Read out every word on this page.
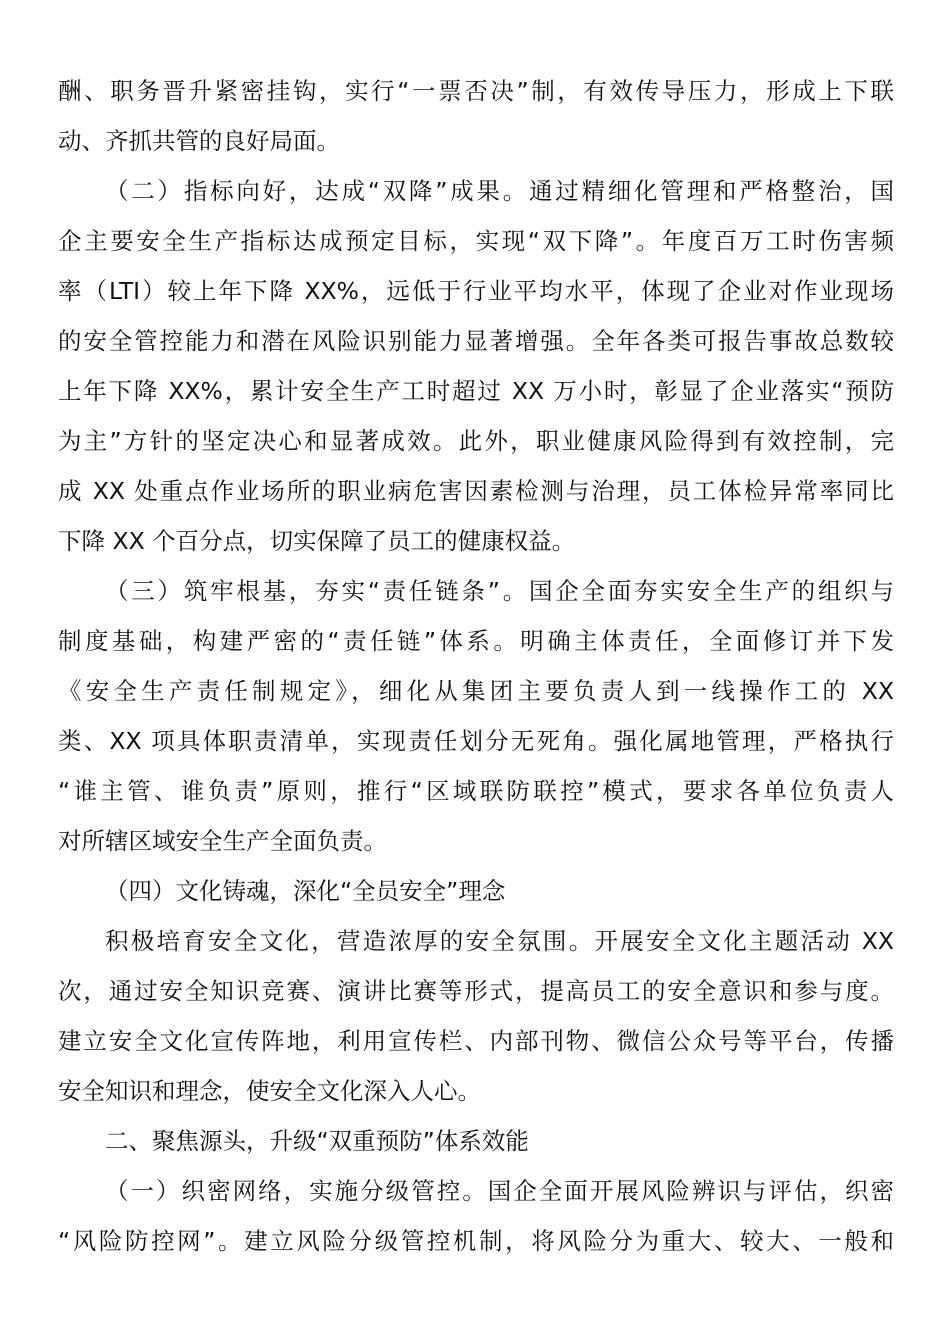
酬、职务晋升紧密挂钩，实行“一票否决”制，有效传导压力，形成上下联
动、齐抓共管的良好局面。
（二）指标向好，达成“双降”成果。通过精细化管理和严格整治，国
企主要安全生产指标达成预定目标，实现“双下降”。年度百万工时伤害频
率（LTI）较上年下降 XX%，远低于行业平均水平，体现了企业对作业现场
的安全管控能力和潜在风险识别能力显著增强。全年各类可报告事故总数较
上年下降 XX%，累计安全生产工时超过 XX 万小时，彰显了企业落实“预防
为主”方针的坚定决心和显著成效。此外，职业健康风险得到有效控制，完
成 XX 处重点作业场所的职业病危害因素检测与治理，员工体检异常率同比
下降 XX 个百分点，切实保障了员工的健康权益。
（三）筑牢根基，夯实“责任链条”。国企全面夯实安全生产的组织与
制度基础，构建严密的“责任链”体系。明确主体责任，全面修订并下发
《安全生产责任制规定》，细化从集团主要负责人到一线操作工的 XX
类、XX 项具体职责清单，实现责任划分无死角。强化属地管理，严格执行
“谁主管、谁负责”原则，推行“区域联防联控”模式，要求各单位负责人
对所辖区域安全生产全面负责。
（四）文化铸魂，深化“全员安全”理念
积极培育安全文化，营造浓厚的安全氛围。开展安全文化主题活动 XX
次，通过安全知识竞赛、演讲比赛等形式，提高员工的安全意识和参与度。
建立安全文化宣传阵地，利用宣传栏、内部刊物、微信公众号等平台，传播
安全知识和理念，使安全文化深入人心。
二、聚焦源头，升级“双重预防”体系效能
（一）织密网络，实施分级管控。国企全面开展风险辨识与评估，织密
“风险防控网”。建立风险分级管控机制，将风险分为重大、较大、一般和
